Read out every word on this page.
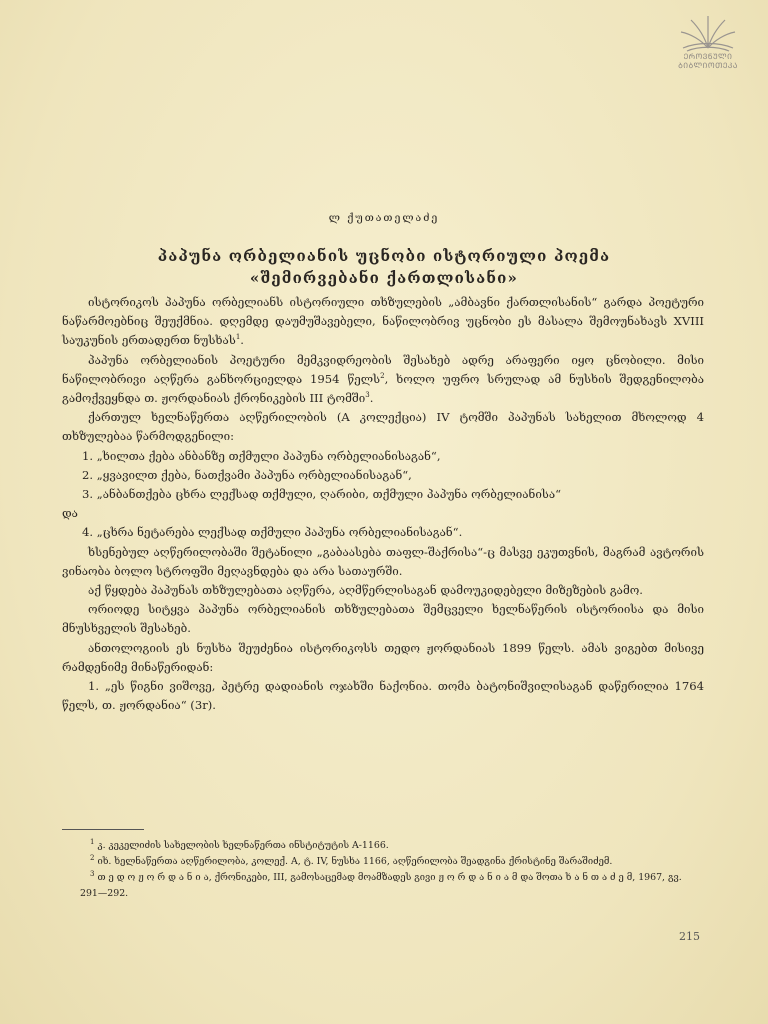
ᲔᲠᲝᲕᲜᲣᲚᲘ
ᲑᲘᲑᲚᲘᲝᲗᲔᲙᲐ
ლ ქუთათელაძე
პაპუნა ორბელიანის უცნობი ისტორიული პოემა
«შემირვებანი ქართლისანი»

ისტორიკოს პაპუნა ორბელიანს ისტორიული თხზულების „ამბავნი ქართლისანის“ გარდა პოეტური ნაწარმოებნიც შეუქმნია. დღემდე დაუმუშავებელი, ნაწილობრივ უცნობი ეს მასალა შემოუნახავს XVIII საუკუნის ერთადერთ ნუსხას$^1$.

პაპუნა ორბელიანის პოეტური მემკვიდრეობის შესახებ ადრე არაფერი იყო ცნობილი. მისი ნაწილობრივი აღწერა განხორციელდა 1954 წელს$^2$, ხოლო უფრო სრულად ამ ნუსხის შედგენილობა გამოქვეყნდა თ. ჟორდანიას ქრონიკების III ტომში$^3$.

ქართულ ხელნაწერთა აღწერილობის (A კოლექცია) IV ტომში პაპუნას სახელით მხოლოდ 4 თხზულებაა წარმოდგენილი:

1. „ხილთა ქება ანბანზე თქმული პაპუნა ორბელიანისაგან“,

2. „ყვავილთ ქება, ნათქვამი პაპუნა ორბელიანისაგან“,

3. „ანბანთქება ცხრა ლექსად თქმული, ღარიბი, თქმული პაპუნა ორბელიანისა“

და

4. „ცხრა ნეტარება ლექსად თქმული პაპუნა ორბელიანისაგან“.

ხსენებულ აღწერილობაში შეტანილი „გაბაასება თაფლ-შაქრისა“-ც მასვე ეკუთვნის, მაგრამ ავტორის ვინაობა ბოლო სტროფში მეღავნდება და არა სათაურში.

აქ წყდება პაპუნას თხზულებათა აღწერა, აღმწერლისაგან დამოუკიდებელი მიზეზების გამო.

ორიოდე სიტყვა პაპუნა ორბელიანის თხზულებათა შემცველი ხელნაწერის ისტორიისა და მისი მნუსხველის შესახებ.

ანთოლოგიის ეს ნუსხა შეუძენია ისტორიკოსს თედო ჟორდანიას 1899 წელს. ამას ვიგებთ მისივე რამდენიმე მინაწერიდან:

1. „ეს წიგნი ვიშოვე, პეტრე დადიანის ოჯახში ნაქონია. თომა ბატონიშვილისაგან დაწერილია 1764 წელს, თ. ჟორდანია“ (3r).

$^1$ კ. კეკელიძის სახელობის ხელნაწერთა ინსტიტუტის A-1166.

$^2$ იხ. ხელნაწერთა აღწერილობა, კოლექ. A, ტ. IV, ნუსხა 1166, აღწერილობა შეადგინა ქრისტინე შარაშიძემ.

$^3$ თ ე დ ო ჟ ო რ დ ა ნ ი ა, ქრონიკები, III, გამოსაცემად მოამზადეს გივი ჟ ო რ დ ა ნ ი ა მ და შოთა ხ ა ნ თ ა ძ ე მ, 1967, გვ. 291—292.

215
